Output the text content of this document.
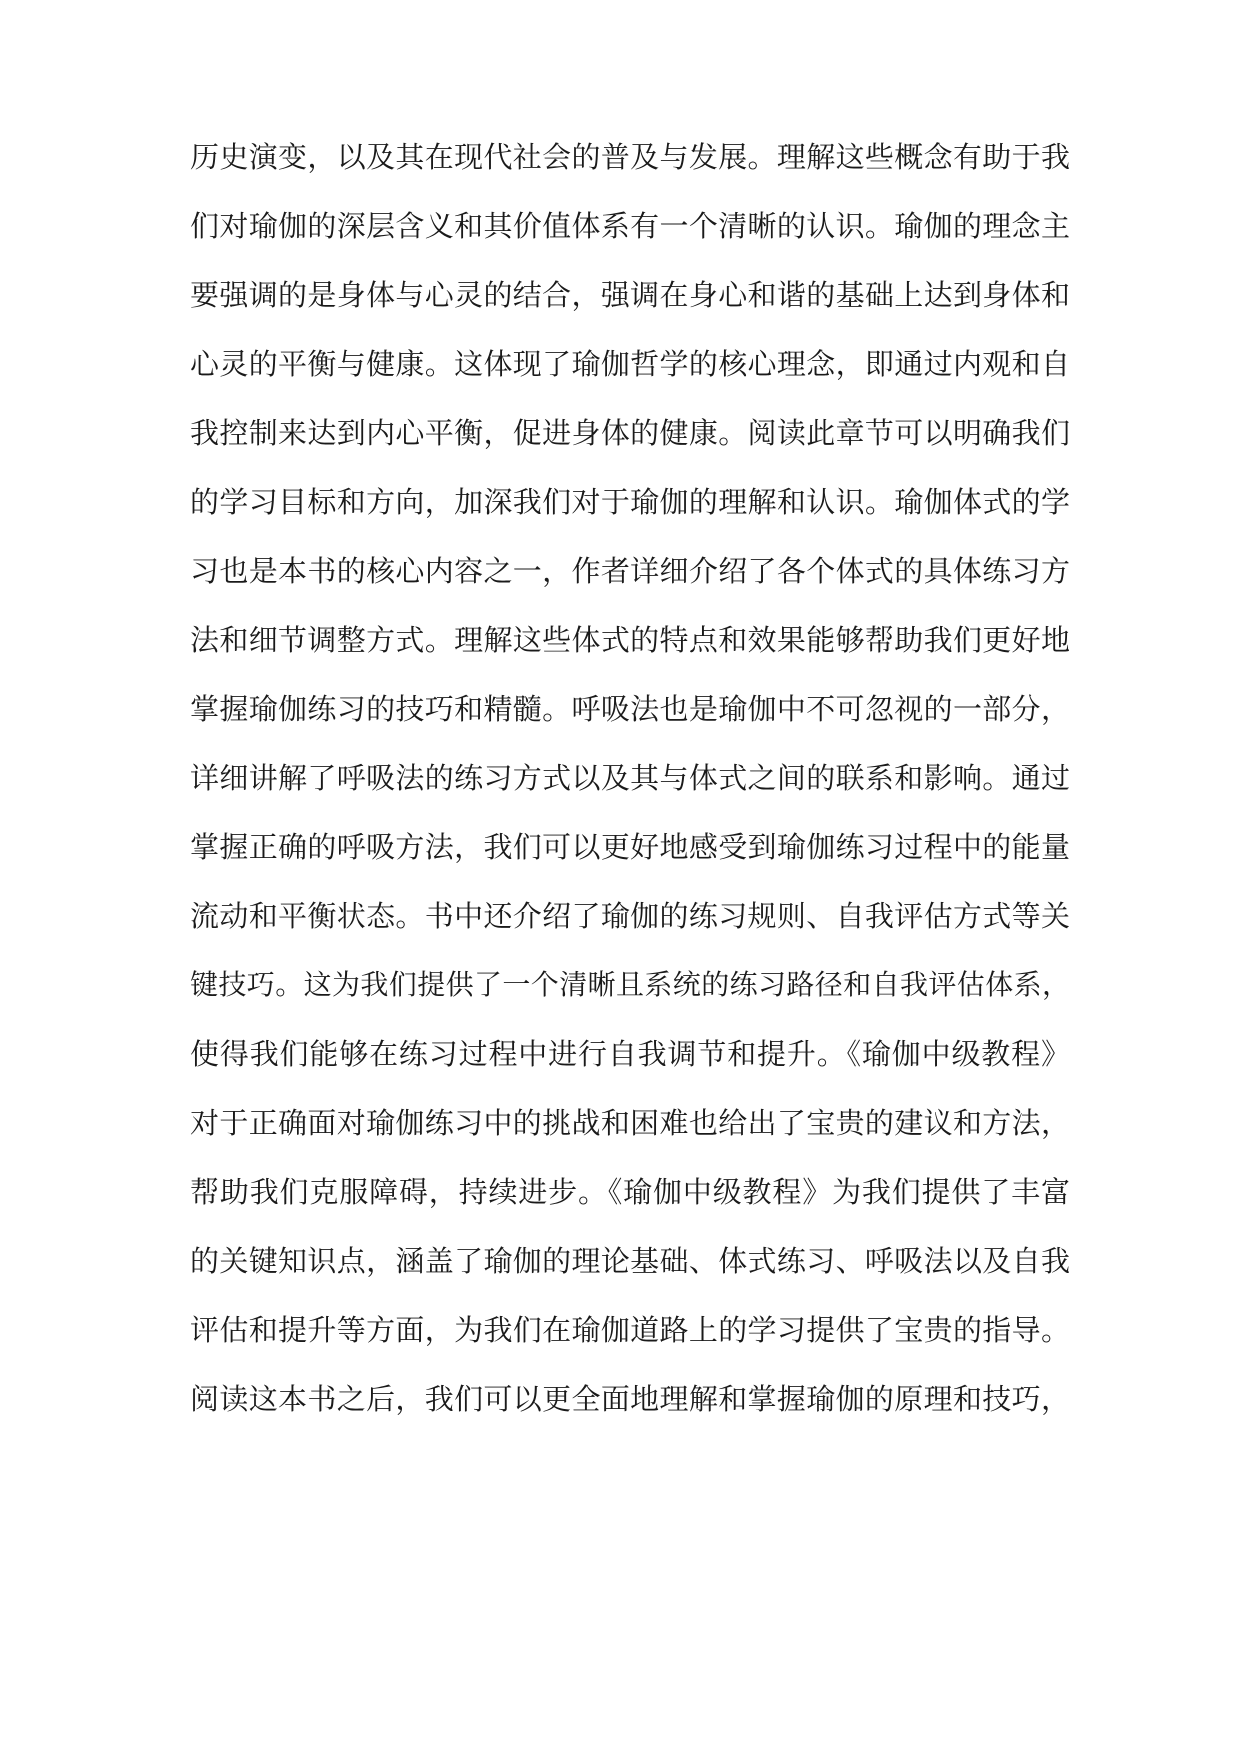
历史演变，以及其在现代社会的普及与发展。理解这些概念有助于我
们对瑜伽的深层含义和其价值体系有一个清晰的认识。瑜伽的理念主
要强调的是身体与心灵的结合，强调在身心和谐的基础上达到身体和
心灵的平衡与健康。这体现了瑜伽哲学的核心理念，即通过内观和自
我控制来达到内心平衡，促进身体的健康。阅读此章节可以明确我们
的学习目标和方向，加深我们对于瑜伽的理解和认识。瑜伽体式的学
习也是本书的核心内容之一，作者详细介绍了各个体式的具体练习方
法和细节调整方式。理解这些体式的特点和效果能够帮助我们更好地
掌握瑜伽练习的技巧和精髓。呼吸法也是瑜伽中不可忽视的一部分，
详细讲解了呼吸法的练习方式以及其与体式之间的联系和影响。通过
掌握正确的呼吸方法，我们可以更好地感受到瑜伽练习过程中的能量
流动和平衡状态。书中还介绍了瑜伽的练习规则、自我评估方式等关
键技巧。这为我们提供了一个清晰且系统的练习路径和自我评估体系，
使得我们能够在练习过程中进行自我调节和提升。《瑜伽中级教程》
对于正确面对瑜伽练习中的挑战和困难也给出了宝贵的建议和方法，
帮助我们克服障碍，持续进步。《瑜伽中级教程》为我们提供了丰富
的关键知识点，涵盖了瑜伽的理论基础、体式练习、呼吸法以及自我
评估和提升等方面，为我们在瑜伽道路上的学习提供了宝贵的指导。
阅读这本书之后，我们可以更全面地理解和掌握瑜伽的原理和技巧，
